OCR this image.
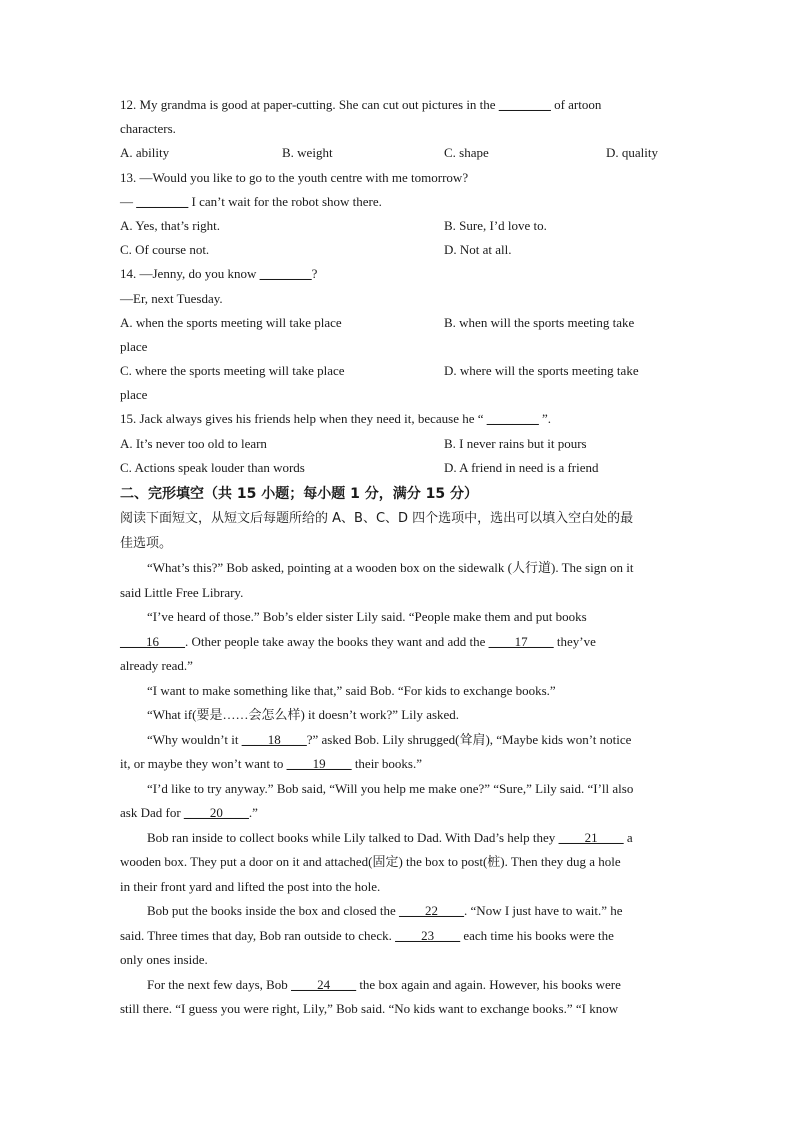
12. My grandma is good at paper-cutting. She can cut out pictures in the ________ of artoon
characters.
A. ability	B. weight	C. shape	D. quality
13. —Would you like to go to the youth centre with me tomorrow?
— ________ I can’t wait for the robot show there.
A. Yes, that’s right.	B. Sure, I’d love to.
C. Of course not.	D. Not at all.
14. —Jenny, do you know ________?
—Er, next Tuesday.
A. when the sports meeting will take place	B. when will the sports meeting take
place
C. where the sports meeting will take place	D. where will the sports meeting take
place
15. Jack always gives his friends help when they need it, because he “ ________ ”.
A. It’s never too old to learn	B. I never rains but it pours
C. Actions speak louder than words	D. A friend in need is a friend
二、完形填空（共 15 小题；每小题 1 分，满分 15 分）
阅读下面短文，从短文后每题所给的 A、B、C、D 四个选项中，选出可以填入空白处的最
佳选项。
“What’s this?” Bob asked, pointing at a wooden box on the sidewalk (人行道). The sign on it
said Little Free Library.
“I’ve heard of those.” Bob’s elder sister Lily said. “People make them and put books
____16____. Other people take away the books they want and add the ____17____ they’ve
already read.”
“I want to make something like that,” said Bob. “For kids to exchange books.”
“What if(要是……会怎么样) it doesn’t work?” Lily asked.
“Why wouldn’t it ____18____?” asked Bob. Lily shrugged(耸肩), “Maybe kids won’t notice
it, or maybe they won’t want to ____19____ their books.”
“I’d like to try anyway.” Bob said, “Will you help me make one?” “Sure,” Lily said. “I’ll also
ask Dad for ____20____.”
Bob ran inside to collect books while Lily talked to Dad. With Dad’s help they ____21____ a
wooden box. They put a door on it and attached(固定) the box to post(桩). Then they dug a hole
in their front yard and lifted the post into the hole.
Bob put the books inside the box and closed the ____22____. “Now I just have to wait.” he
said. Three times that day, Bob ran outside to check. ____23____ each time his books were the
only ones inside.
For the next few days, Bob ____24____ the box again and again. However, his books were
still there. “I guess you were right, Lily,” Bob said. “No kids want to exchange books.” “I know
